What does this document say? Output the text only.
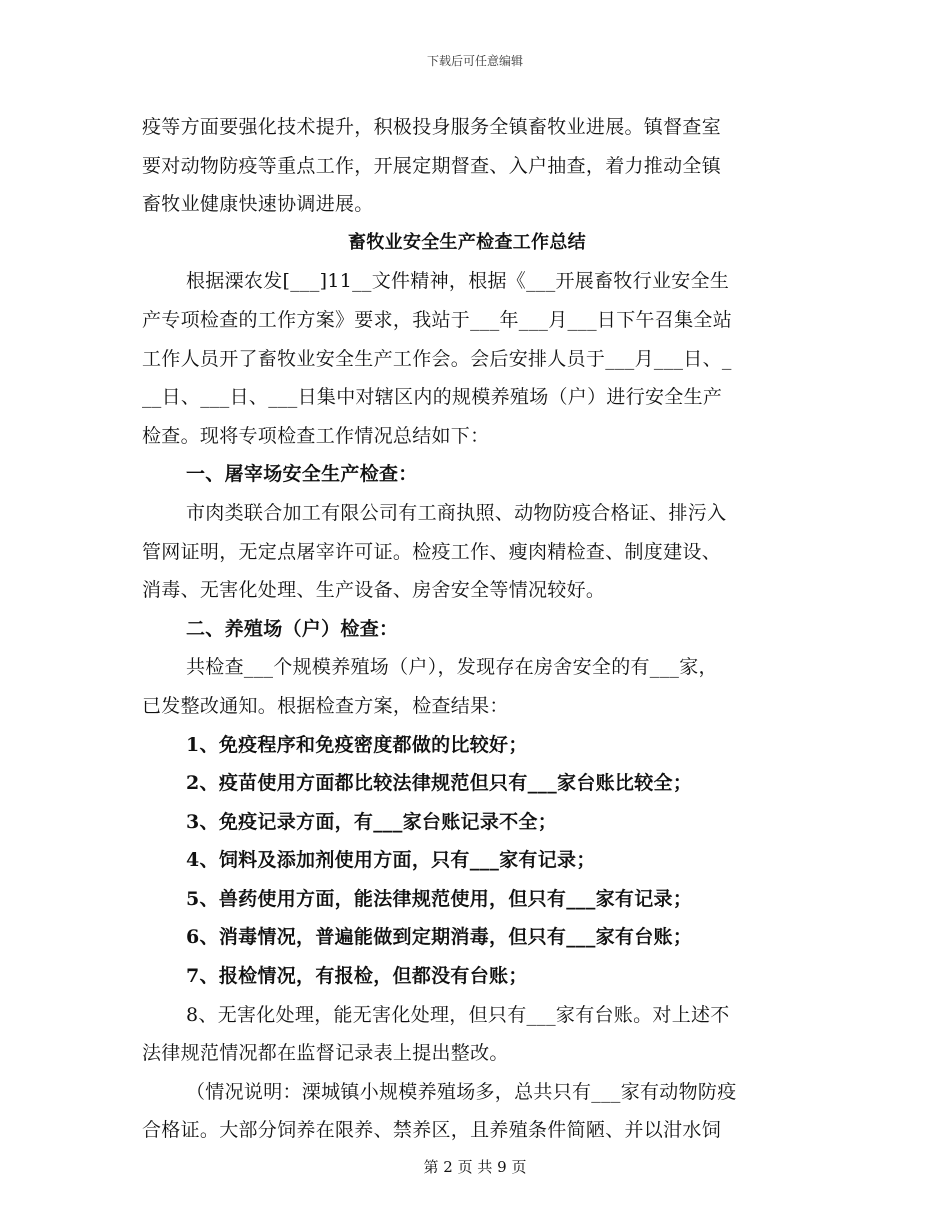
下载后可任意编辑
疫等方面要强化技术提升，积极投身服务全镇畜牧业进展。镇督查室
要对动物防疫等重点工作，开展定期督查、入户抽查，着力推动全镇
畜牧业健康快速协调进展。
畜牧业安全生产检查工作总结
根据溧农发[___]11__文件精神，根据《___开展畜牧行业安全生
产专项检查的工作方案》要求，我站于___年___月___日下午召集全站
工作人员开了畜牧业安全生产工作会。会后安排人员于___月___日、_
__日、___日、___日集中对辖区内的规模养殖场（户）进行安全生产
检查。现将专项检查工作情况总结如下：
一、屠宰场安全生产检查：
市肉类联合加工有限公司有工商执照、动物防疫合格证、排污入
管网证明，无定点屠宰许可证。检疫工作、瘦肉精检查、制度建设、
消毒、无害化处理、生产设备、房舍安全等情况较好。
二、养殖场（户）检查：
共检查___个规模养殖场（户），发现存在房舍安全的有___家，
已发整改通知。根据检查方案，检查结果：
1、免疫程序和免疫密度都做的比较好；
2、疫苗使用方面都比较法律规范但只有___家台账比较全；
3、免疫记录方面，有___家台账记录不全；
4、饲料及添加剂使用方面，只有___家有记录；
5、兽药使用方面，能法律规范使用，但只有___家有记录；
6、消毒情况，普遍能做到定期消毒，但只有___家有台账；
7、报检情况，有报检，但都没有台账；
8、无害化处理，能无害化处理，但只有___家有台账。对上述不
法律规范情况都在监督记录表上提出整改。
（情况说明：溧城镇小规模养殖场多，总共只有___家有动物防疫
合格证。大部分饲养在限养、禁养区，且养殖条件简陋、并以泔水饲
第 2 页 共 9 页
